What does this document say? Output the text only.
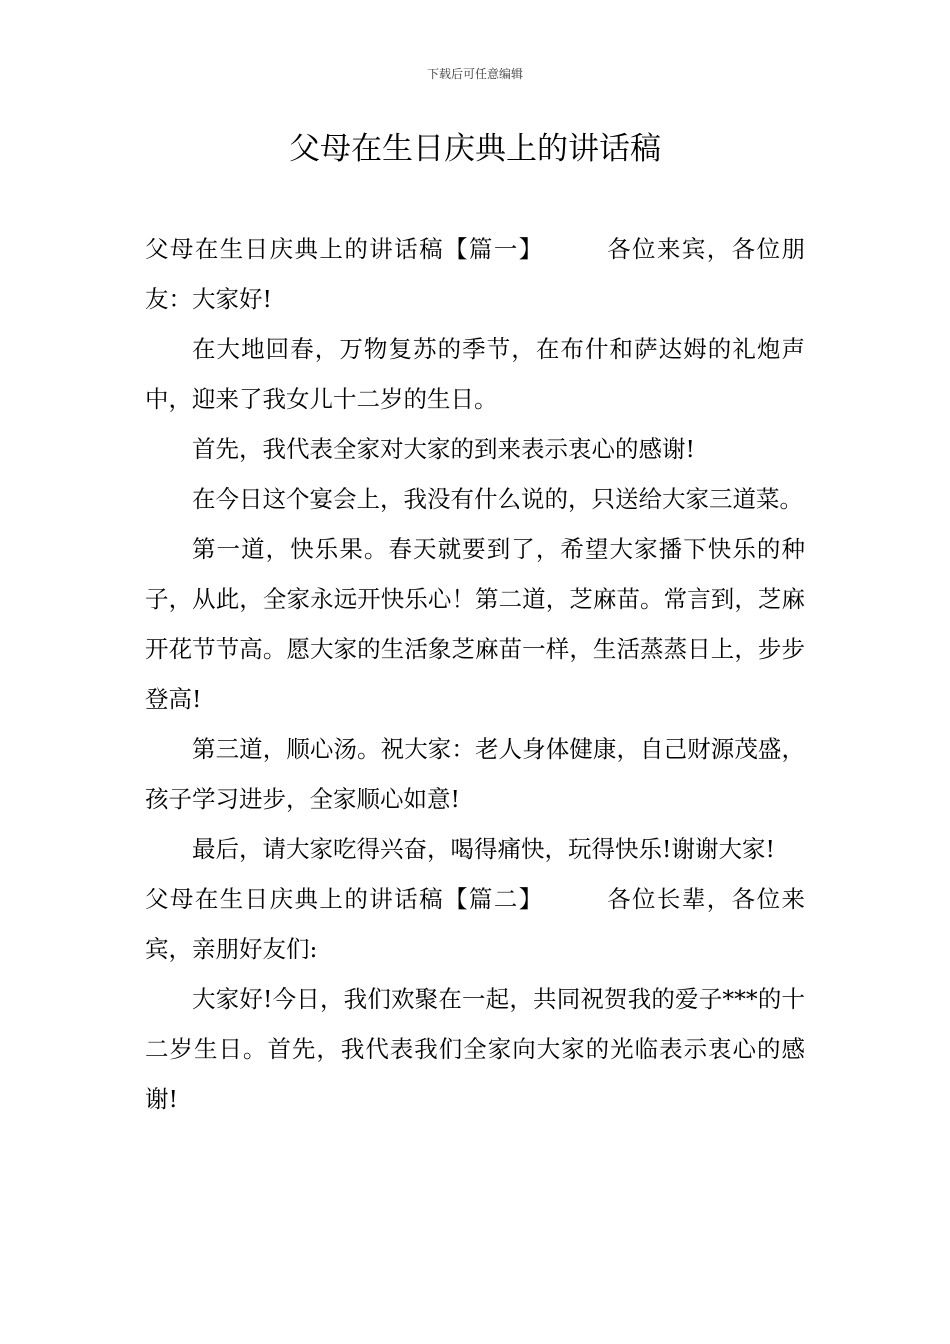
下载后可任意编辑
父母在生日庆典上的讲话稿

父母在生日庆典上的讲话稿【篇一】	各位来宾，各位朋友：大家好!

在大地回春，万物复苏的季节，在布什和萨达姆的礼炮声中，迎来了我女儿十二岁的生日。

首先，我代表全家对大家的到来表示衷心的感谢!

在今日这个宴会上，我没有什么说的，只送给大家三道菜。

第一道，快乐果。春天就要到了，希望大家播下快乐的种子，从此，全家永远开快乐心！第二道，芝麻苗。常言到，芝麻开花节节高。愿大家的生活象芝麻苗一样，生活蒸蒸日上，步步登高!

第三道，顺心汤。祝大家：老人身体健康，自己财源茂盛，孩子学习进步，全家顺心如意!

最后，请大家吃得兴奋，喝得痛快，玩得快乐!谢谢大家!

父母在生日庆典上的讲话稿【篇二】	各位长辈，各位来宾，亲朋好友们:

大家好!今日，我们欢聚在一起，共同祝贺我的爱子***的十二岁生日。首先，我代表我们全家向大家的光临表示衷心的感谢!
